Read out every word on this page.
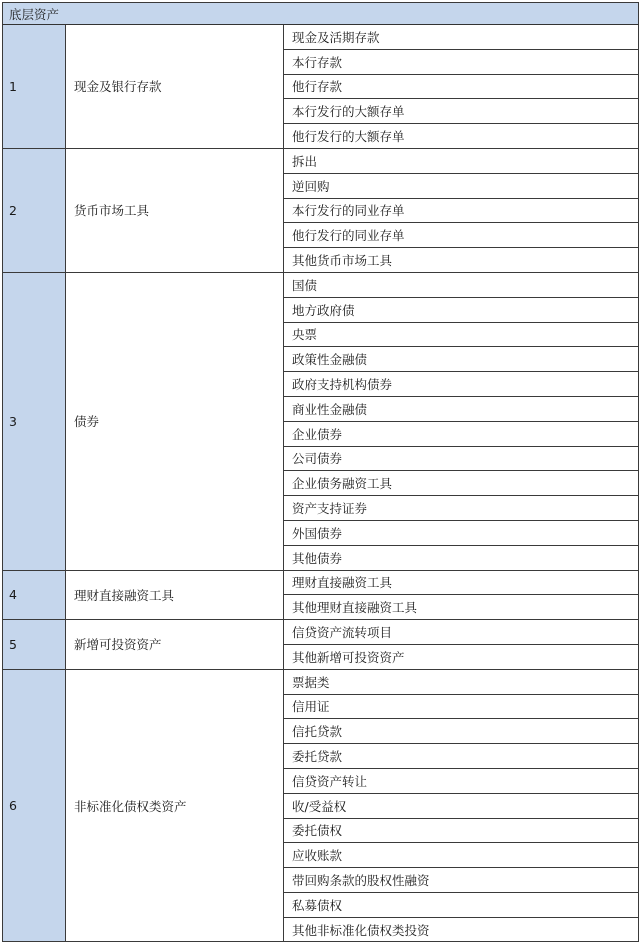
底层资产		
1	现金及银行存款	现金及活期存款
		本行存款
		他行存款
		本行发行的大额存单
		他行发行的大额存单
2	货币市场工具	拆出
		逆回购
		本行发行的同业存单
		他行发行的同业存单
		其他货币市场工具
3	债券	国债
		地方政府债
		央票
		政策性金融债
		政府支持机构债券
		商业性金融债
		企业债券
		公司债券
		企业债务融资工具
		资产支持证券
		外国债券
		其他债券
4	理财直接融资工具	理财直接融资工具
		其他理财直接融资工具
5	新增可投资资产	信贷资产流转项目
		其他新增可投资资产
6	非标准化债权类资产	票据类
		信用证
		信托贷款
		委托贷款
		信贷资产转让
		收/受益权
		委托债权
		应收账款
		带回购条款的股权性融资
		私募债权
		其他非标准化债权类投资
